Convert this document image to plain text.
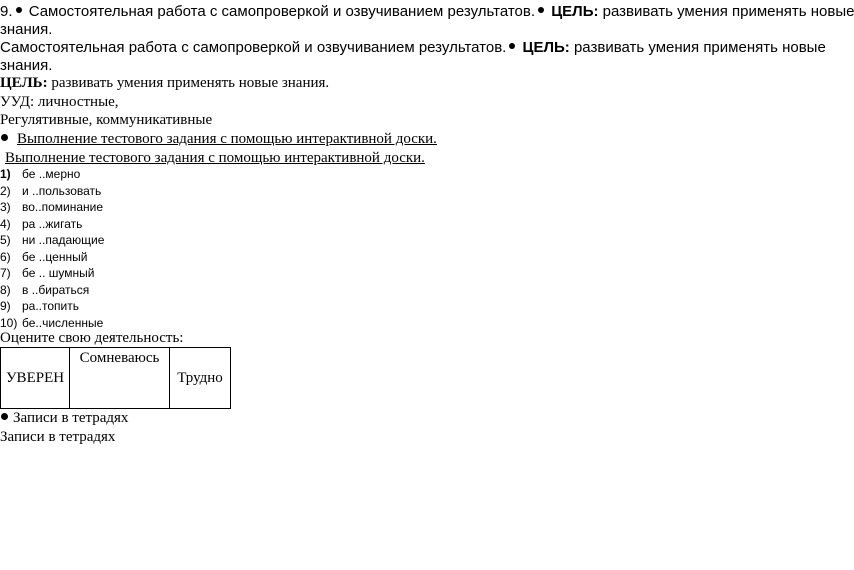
9. Самостоятельная работа с самопроверкой и озвучиванием результатов. ЦЕЛЬ: развивать умения применять новые
знания.
Самостоятельная работа с самопроверкой и озвучиванием результатов. ЦЕЛЬ: развивать умения применять новые
знания.
ЦЕЛЬ: развивать умения применять новые знания.
УУД: личностные,
Регулятивные, коммуникативные
Выполнение тестового задания с помощью интерактивной доски.
Выполнение тестового задания с помощью интерактивной доски.
1) бе ..мерно
2) и ..пользовать
3) во..поминание
4) ра ..жигать
5) ни ..падающие
6) бе ..ценный
7) бе .. шумный
8) в ..бираться
9) ра..топить
10) бе..численные
Оцените свою деятельность:
УВЕРЕН	Сомневаюсь	Трудно
Записи в тетрадях
Записи в тетрадях
